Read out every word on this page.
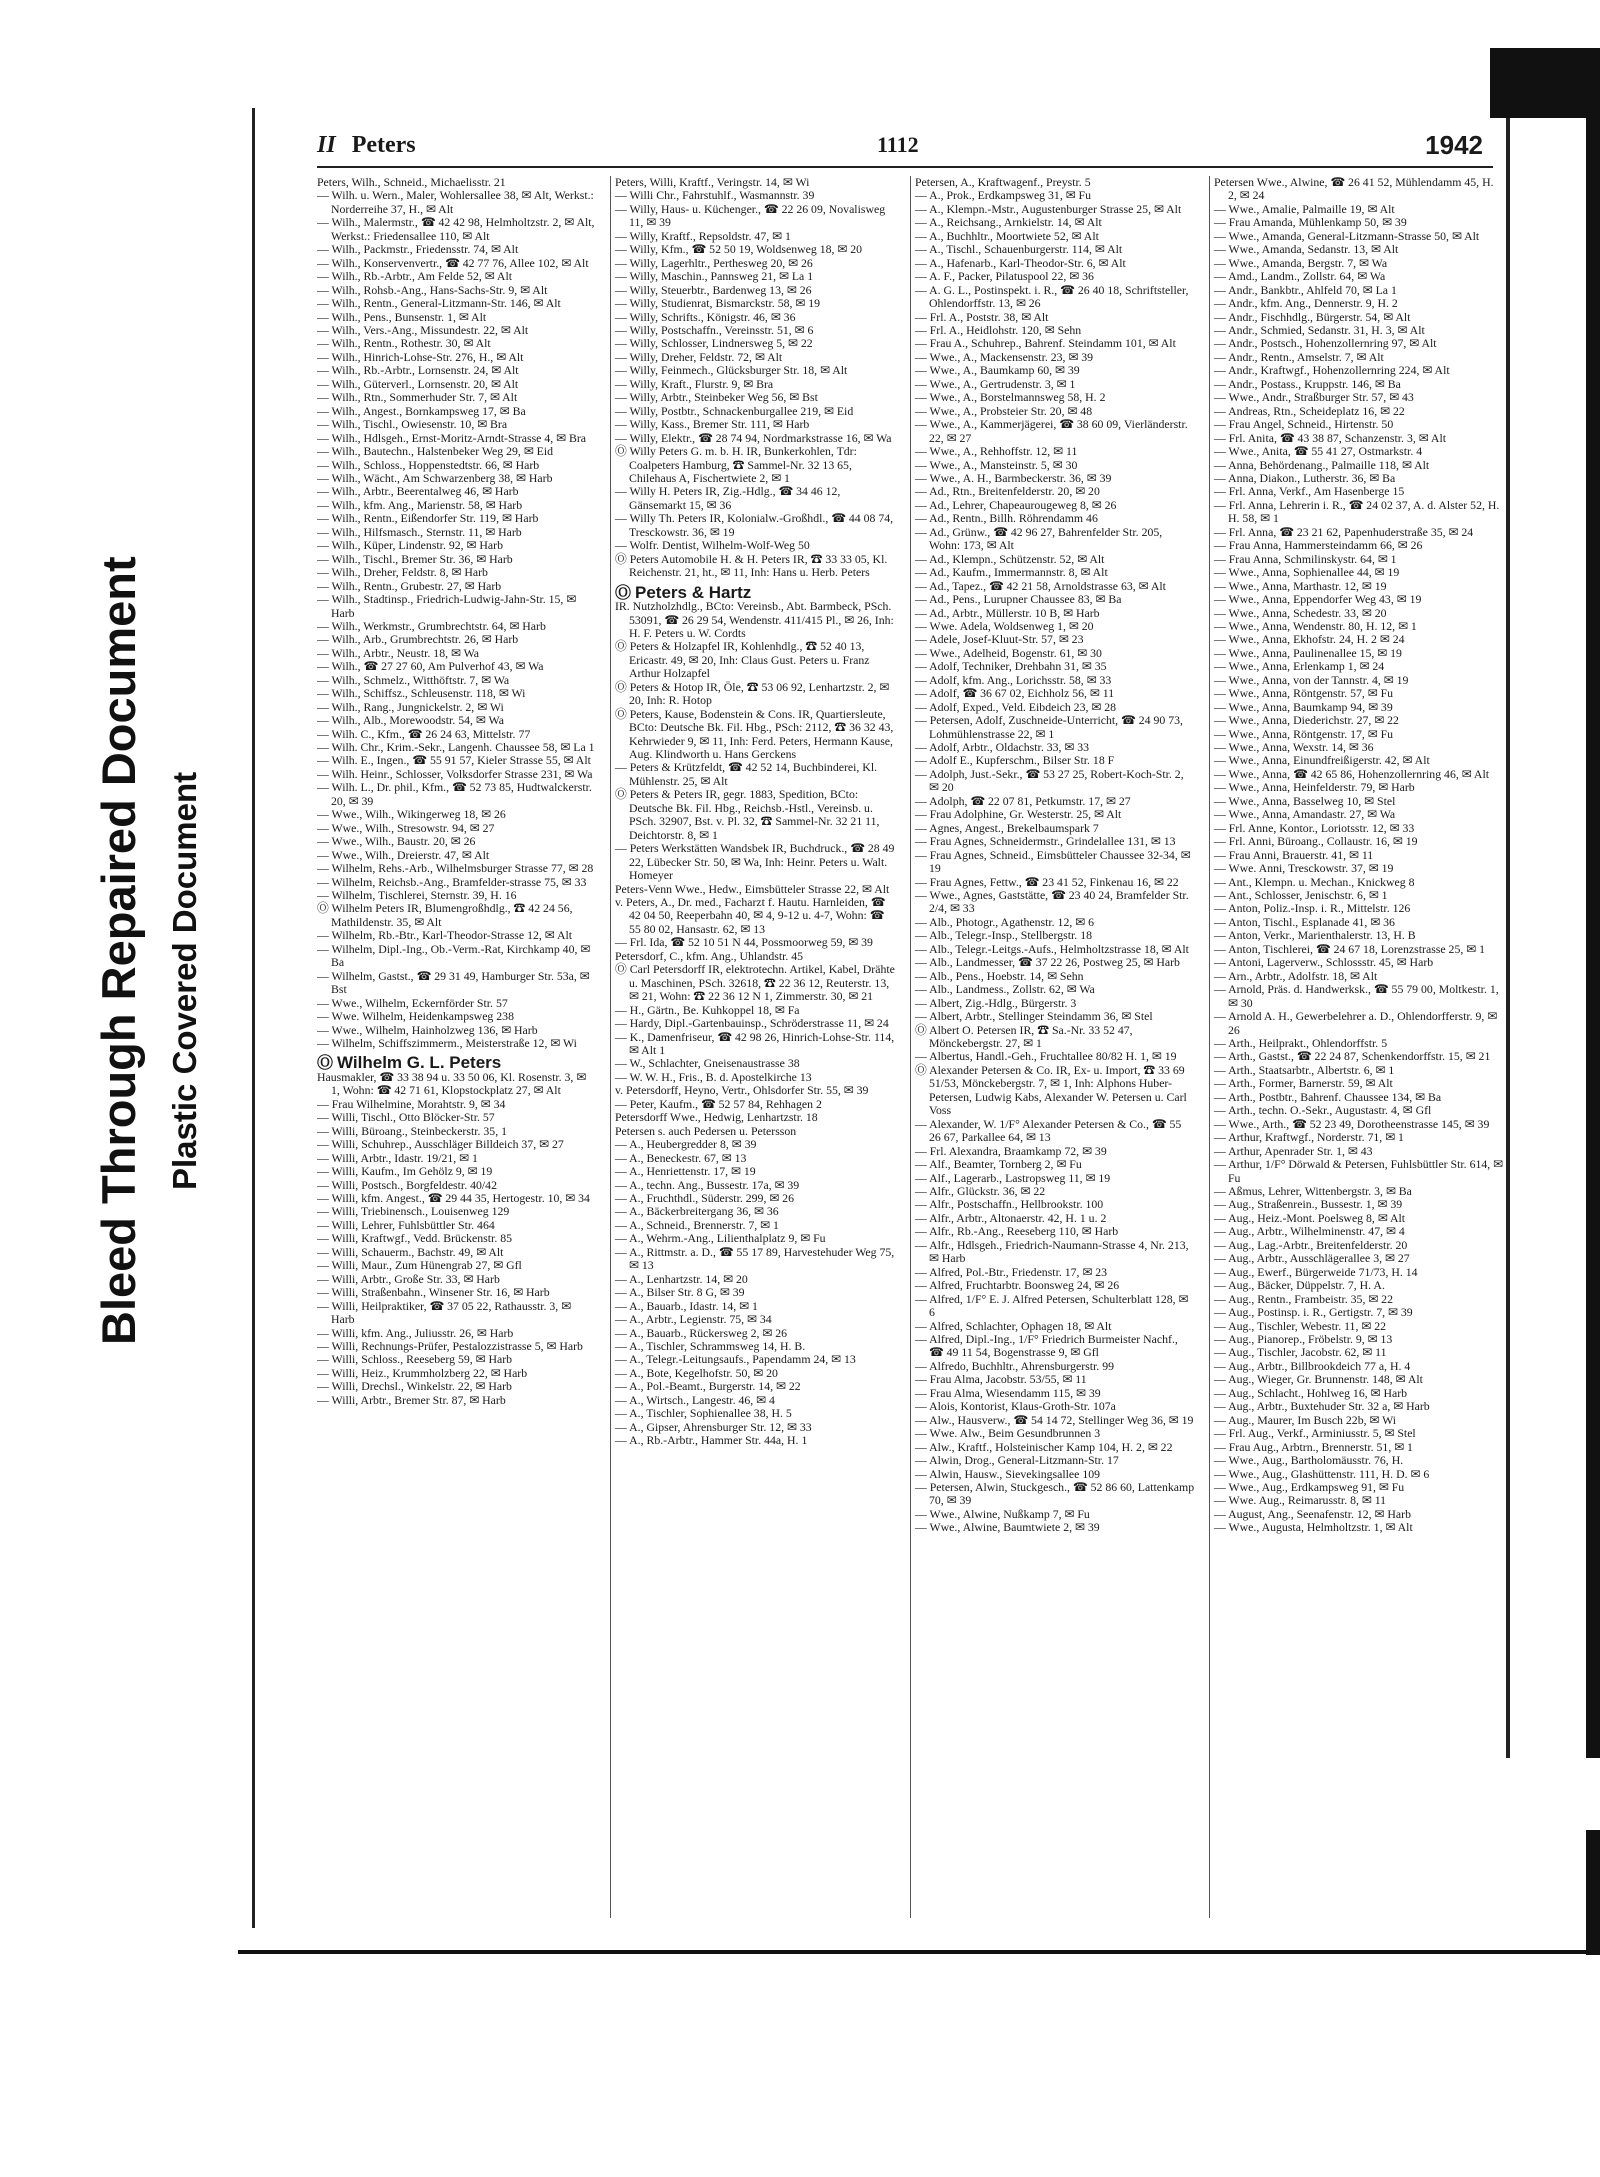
Bleed Through Repaired Document Plastic Covered Document
II Peters	1112	1942
Peters, Wilh., Schneid., Michaelisstr. 21
— Wilh. u. Wern., Maler, Wohlersallee 38, ✉ Alt, Werkst.: Norderreihe 37, H., ✉ Alt
— Wilh., Malermstr., ☎ 42 42 98, Helmholtzstr. 2, ✉ Alt, Werkst.: Friedensallee 110, ✉ Alt
— Wilh., Packmstr., Friedensstr. 74, ✉ Alt
— Wilh., Konservenvertr., ☎ 42 77 76, Allee 102, ✉ Alt
— Wilh., Rb.-Arbtr., Am Felde 52, ✉ Alt
— Wilh., Rohsb.-Ang., Hans-Sachs-Str. 9, ✉ Alt
— Wilh., Rentn., General-Litzmann-Str. 146, ✉ Alt
— Wilh., Pens., Bunsenstr. 1, ✉ Alt
— Wilh., Vers.-Ang., Missundestr. 22, ✉ Alt
— Wilh., Rentn., Rothestr. 30, ✉ Alt
— Wilh., Hinrich-Lohse-Str. 276, H., ✉ Alt
— Wilh., Rb.-Arbtr., Lornsenstr. 24, ✉ Alt
— Wilh., Güterverl., Lornsenstr. 20, ✉ Alt
— Wilh., Rtn., Sommerhuder Str. 7, ✉ Alt
— Wilh., Angest., Bornkampsweg 17, ✉ Ba
— Wilh., Tischl., Owiesenstr. 10, ✉ Bra
— Wilh., Hdlsgeh., Ernst-Moritz-Arndt-Strasse 4, ✉ Bra
— Wilh., Bautechn., Halstenbeker Weg 29, ✉ Eid
— Wilh., Schloss., Hoppenstedtstr. 66, ✉ Harb
— Wilh., Wächt., Am Schwarzenberg 38, ✉ Harb
— Wilh., Arbtr., Beerentalweg 46, ✉ Harb
— Wilh., kfm. Ang., Marienstr. 58, ✉ Harb
— Wilh., Rentn., Eißendorfer Str. 119, ✉ Harb
— Wilh., Hilfsmasch., Sternstr. 11, ✉ Harb
— Wilh., Küper, Lindenstr. 92, ✉ Harb
— Wilh., Tischl., Bremer Str. 36, ✉ Harb
— Wilh., Dreher, Feldstr. 8, ✉ Harb
— Wilh., Rentn., Grubestr. 27, ✉ Harb
— Wilh., Stadtinsp., Friedrich-Ludwig-Jahn-Str. 15, ✉ Harb
— Wilh., Werkmstr., Grumbrechtstr. 64, ✉ Harb
— Wilh., Arb., Grumbrechtstr. 26, ✉ Harb
— Wilh., Arbtr., Neustr. 18, ✉ Wa
— Wilh., ☎ 27 27 60, Am Pulverhof 43, ✉ Wa
— Wilh., Schmelz., Witthöftstr. 7, ✉ Wa
— Wilh., Schiffsz., Schleusenstr. 118, ✉ Wi
— Wilh., Rang., Jungnickelstr. 2, ✉ Wi
— Wilh., Alb., Morewoodstr. 54, ✉ Wa
— Wilh. C., Kfm., ☎ 26 24 63, Mittelstr. 77
— Wilh. Chr., Krim.-Sekr., Langenh. Chaussee 58, ✉ La 1
— Wilh. E., Ingen., ☎ 55 91 57, Kieler Strasse 55, ✉ Alt
— Wilh. Heinr., Schlosser, Volksdorfer Strasse 231, ✉ Wa
— Wilh. L., Dr. phil., Kfm., ☎ 52 73 85, Hudtwalckerstr. 20, ✉ 39
— Wwe., Wilh., Wikingerweg 18, ✉ 26
— Wwe., Wilh., Stresowstr. 94, ✉ 27
— Wwe., Wilh., Baustr. 20, ✉ 26
— Wwe., Wilh., Dreierstr. 47, ✉ Alt
— Wilhelm, Rehs.-Arb., Wilhelmsburger Strasse 77, ✉ 28
— Wilhelm, Reichsb.-Ang., Bramfelder-strasse 75, ✉ 33
— Wilhelm, Tischlerei, Sternstr. 39, H. 16
Ⓞ Wilhelm Peters IR, Blumengroßhdlg., ☎ 42 24 56, Mathildenstr. 35, ✉ Alt
— Wilhelm, Rb.-Btr., Karl-Theodor-Strasse 12, ✉ Alt
— Wilhelm, Dipl.-Ing., Ob.-Verm.-Rat, Kirchkamp 40, ✉ Ba
— Wilhelm, Gastst., ☎ 29 31 49, Hamburger Str. 53a, ✉ Bst
— Wwe., Wilhelm, Eckernförder Str. 57
— Wwe. Wilhelm, Heidenkampsweg 238
— Wwe., Wilhelm, Hainholzweg 136, ✉ Harb
— Wilhelm, Schiffszimmerm., Meisterstraße 12, ✉ Wi
Ⓞ Wilhelm G. L. Peters
Hausmakler, ☎ 33 38 94 u. 33 50 06, Kl. Rosenstr. 3, ✉ 1, Wohn: ☎ 42 71 61, Klopstockplatz 27, ✉ Alt
— Frau Wilhelmine, Morahtstr. 9, ✉ 34
— Willi, Tischl., Otto Blöcker-Str. 57
— Willi, Büroang., Steinbeckerstr. 35, 1
— Willi, Schuhrep., Ausschläger Billdeich 37, ✉ 27
— Willi, Arbtr., Idastr. 19/21, ✉ 1
— Willi, Kaufm., Im Gehölz 9, ✉ 19
— Willi, Postsch., Borgfeldestr. 40/42
— Willi, kfm. Angest., ☎ 29 44 35, Hertogestr. 10, ✉ 34
— Willi, Triebinensch., Louisenweg 129
— Willi, Lehrer, Fuhlsbüttler Str. 464
— Willi, Kraftwgf., Vedd. Brückenstr. 85
— Willi, Schauerm., Bachstr. 49, ✉ Alt
— Willi, Maur., Zum Hünengrab 27, ✉ Gfl
— Willi, Arbtr., Große Str. 33, ✉ Harb
— Willi, Straßenbahn., Winsener Str. 16, ✉ Harb
— Willi, Heilpraktiker, ☎ 37 05 22, Rathausstr. 3, ✉ Harb
— Willi, kfm. Ang., Juliusstr. 26, ✉ Harb
— Willi, Rechnungs-Prüfer, Pestalozzistrasse 5, ✉ Harb
— Willi, Schloss., Reeseberg 59, ✉ Harb
— Willi, Heiz., Krummholzberg 22, ✉ Harb
— Willi, Drechsl., Winkelstr. 22, ✉ Harb
— Willi, Arbtr., Bremer Str. 87, ✉ Harb
Peters, Willi, Kraftf., Veringstr. 14, ✉ Wi
— Willi Chr., Fahrstuhlf., Wasmannstr. 39
— Willy, Haus- u. Küchenger., ☎ 22 26 09, Novalisweg 11, ✉ 39
— Willy, Kraftf., Repsoldstr. 47, ✉ 1
— Willy, Kfm., ☎ 52 50 19, Woldsenweg 18, ✉ 20
— Willy, Lagerhltr., Perthesweg 20, ✉ 26
— Willy, Maschin., Pannsweg 21, ✉ La 1
— Willy, Steuerbtr., Bardenweg 13, ✉ 26
— Willy, Studienrat, Bismarckstr. 58, ✉ 19
— Willy, Schrifts., Königstr. 46, ✉ 36
— Willy, Postschaffn., Vereinsstr. 51, ✉ 6
— Willy, Schlosser, Lindnersweg 5, ✉ 22
— Willy, Dreher, Feldstr. 72, ✉ Alt
— Willy, Feinmech., Glücksburger Str. 18, ✉ Alt
— Willy, Kraft., Flurstr. 9, ✉ Bra
— Willy, Arbtr., Steinbeker Weg 56, ✉ Bst
— Willy, Postbtr., Schnackenburgallee 219, ✉ Eid
— Willy, Kass., Bremer Str. 111, ✉ Harb
— Willy, Elektr., ☎ 28 74 94, Nordmarkstrasse 16, ✉ Wa
Ⓞ Willy Peters G. m. b. H. IR, Bunkerkohlen, Tdr: Coalpeters Hamburg, ☎ Sammel-Nr. 32 13 65, Chilehaus A, Fischertwiete 2, ✉ 1
— Willy H. Peters IR, Zig.-Hdlg., ☎ 34 46 12, Gänsemarkt 15, ✉ 36
— Willy Th. Peters IR, Kolonialw.-Großhdl., ☎ 44 08 74, Tresckowstr. 36, ✉ 19
— Wolfr. Dentist, Wilhelm-Wolf-Weg 50
Ⓞ Peters Automobile H. & H. Peters IR, ☎ 33 33 05, Kl. Reichenstr. 21, ht., ✉ 11, Inh: Hans u. Herb. Peters
Ⓞ Peters & Hartz
IR. Nutzholzhdlg., BCto: Vereinsb., Abt. Barmbeck, PSch. 53091, ☎ 26 29 54, Wendenstr. 411/415 Pl., ✉ 26, Inh: H. F. Peters u. W. Cordts
Ⓞ Peters & Holzapfel IR, Kohlenhdlg., ☎ 52 40 13, Ericastr. 49, ✉ 20, Inh: Claus Gust. Peters u. Franz Arthur Holzapfel
Ⓞ Peters & Hotop IR, Öle, ☎ 53 06 92, Lenhartzstr. 2, ✉ 20, Inh: R. Hotop
Ⓞ Peters, Kause, Bodenstein & Cons. IR, Quartiersleute, BCto: Deutsche Bk. Fil. Hbg., PSch: 2112, ☎ 36 32 43, Kehrwieder 9, ✉ 11, Inh: Ferd. Peters, Hermann Kause, Aug. Klindworth u. Hans Gerckens
— Peters & Krützfeldt, ☎ 42 52 14, Buchbinderei, Kl. Mühlenstr. 25, ✉ Alt
Ⓞ Peters & Peters IR, gegr. 1883, Spedition, BCto: Deutsche Bk. Fil. Hbg., Reichsb.-Hstl., Vereinsb. u. PSch. 32907, Bst. v. Pl. 32, ☎ Sammel-Nr. 32 21 11, Deichtorstr. 8, ✉ 1
— Peters Werkstätten Wandsbek IR, Buchdruck., ☎ 28 49 22, Lübecker Str. 50, ✉ Wa, Inh: Heinr. Peters u. Walt. Homeyer
Peters-Venn Wwe., Hedw., Eimsbütteler Strasse 22, ✉ Alt
v. Peters, A., Dr. med., Facharzt f. Hautu. Harnleiden, ☎ 42 04 50, Reeperbahn 40, ✉ 4, 9-12 u. 4-7, Wohn: ☎ 55 80 02, Hansastr. 62, ✉ 13
— Frl. Ida, ☎ 52 10 51 N 44, Possmoorweg 59, ✉ 39
Petersdorf, C., kfm. Ang., Uhlandstr. 45
Ⓞ Carl Petersdorff IR, elektrotechn. Artikel, Kabel, Drähte u. Maschinen, PSch. 32618, ☎ 22 36 12, Reuterstr. 13, ✉ 21, Wohn: ☎ 22 36 12 N 1, Zimmerstr. 30, ✉ 21
— H., Gärtn., Be. Kuhkoppel 18, ✉ Fa
— Hardy, Dipl.-Gartenbauinsp., Schröderstrasse 11, ✉ 24
— K., Damenfriseur, ☎ 42 98 26, Hinrich-Lohse-Str. 114, ✉ Alt 1
— W., Schlachter, Gneisenaustrasse 38
— W. W. H., Fris., B. d. Apostelkirche 13
v. Petersdorff, Heyno, Vertr., Ohlsdorfer Str. 55, ✉ 39
— Peter, Kaufm., ☎ 52 57 84, Rehhagen 2
Petersdorff Wwe., Hedwig, Lenhartzstr. 18
Petersen s. auch Pedersen u. Petersson
— A., Heubergredder 8, ✉ 39
— A., Beneckestr. 67, ✉ 13
— A., Henriettenstr. 17, ✉ 19
— A., techn. Ang., Bussestr. 17a, ✉ 39
— A., Fruchthdl., Süderstr. 299, ✉ 26
— A., Bäckerbreitergang 36, ✉ 36
— A., Schneid., Brennerstr. 7, ✉ 1
— A., Wehrm.-Ang., Lilienthalplatz 9, ✉ Fu
— A., Rittmstr. a. D., ☎ 55 17 89, Harvestehuder Weg 75, ✉ 13
— A., Lenhartzstr. 14, ✉ 20
— A., Bilser Str. 8 G, ✉ 39
— A., Bauarb., Idastr. 14, ✉ 1
— A., Arbtr., Legienstr. 75, ✉ 34
— A., Bauarb., Rückersweg 2, ✉ 26
— A., Tischler, Schrammsweg 14, H. B.
— A., Telegr.-Leitungsaufs., Papendamm 24, ✉ 13
— A., Bote, Kegelhofstr. 50, ✉ 20
— A., Pol.-Beamt., Burgerstr. 14, ✉ 22
— A., Wirtsch., Langestr. 46, ✉ 4
— A., Tischler, Sophienallee 38, H. 5
— A., Gipser, Ahrensburger Str. 12, ✉ 33
— A., Rb.-Arbtr., Hammer Str. 44a, H. 1
Petersen, A., Kraftwagenf., Preystr. 5
— A., Prok., Erdkampsweg 31, ✉ Fu
— A., Klempn.-Mstr., Augustenburger Strasse 25, ✉ Alt
— A., Reichsang., Arnkielstr. 14, ✉ Alt
— A., Buchhltr., Moortwiete 52, ✉ Alt
— A., Tischl., Schauenburgerstr. 114, ✉ Alt
— A., Hafenarb., Karl-Theodor-Str. 6, ✉ Alt
— A. F., Packer, Pilatuspool 22, ✉ 36
— A. G. L., Postinspekt. i. R., ☎ 26 40 18, Schriftsteller, Ohlendorffstr. 13, ✉ 26
— Frl. A., Poststr. 38, ✉ Alt
— Frl. A., Heidlohstr. 120, ✉ Sehn
— Frau A., Schuhrep., Bahrenf. Steindamm 101, ✉ Alt
— Wwe., A., Mackensenstr. 23, ✉ 39
— Wwe., A., Baumkamp 60, ✉ 39
— Wwe., A., Gertrudenstr. 3, ✉ 1
— Wwe., A., Borstelmannsweg 58, H. 2
— Wwe., A., Probsteier Str. 20, ✉ 48
— Wwe., A., Kammerjägerei, ☎ 38 60 09, Vierländerstr. 22, ✉ 27
— Wwe., A., Rehhoffstr. 12, ✉ 11
— Wwe., A., Mansteinstr. 5, ✉ 30
— Wwe., A. H., Barmbeckerstr. 36, ✉ 39
— Ad., Rtn., Breitenfelderstr. 20, ✉ 20
— Ad., Lehrer, Chapeaurougeweg 8, ✉ 26
— Ad., Rentn., Billh. Röhrendamm 46
— Ad., Grünw., ☎ 42 96 27, Bahrenfelder Str. 205, Wohn: 173, ✉ Alt
— Ad., Klempn., Schützenstr. 52, ✉ Alt
— Ad., Kaufm., Immermannstr. 8, ✉ Alt
— Ad., Tapez., ☎ 42 21 58, Arnoldstrasse 63, ✉ Alt
— Ad., Pens., Lurupner Chaussee 83, ✉ Ba
— Ad., Arbtr., Müllerstr. 10 B, ✉ Harb
— Wwe. Adela, Woldsenweg 1, ✉ 20
— Adele, Josef-Kluut-Str. 57, ✉ 23
— Wwe., Adelheid, Bogenstr. 61, ✉ 30
— Adolf, Techniker, Drehbahn 31, ✉ 35
— Adolf, kfm. Ang., Lorichsstr. 58, ✉ 33
— Adolf, ☎ 36 67 02, Eichholz 56, ✉ 11
— Adolf, Exped., Veld. Eibdeich 23, ✉ 28
— Petersen, Adolf, Zuschneide-Unterricht, ☎ 24 90 73, Lohmühlenstrasse 22, ✉ 1
— Adolf, Arbtr., Oldachstr. 33, ✉ 33
— Adolf E., Kupferschm., Bilser Str. 18 F
— Adolph, Just.-Sekr., ☎ 53 27 25, Robert-Koch-Str. 2, ✉ 20
— Adolph, ☎ 22 07 81, Petkumstr. 17, ✉ 27
— Frau Adolphine, Gr. Westerstr. 25, ✉ Alt
— Agnes, Angest., Brekelbaumspark 7
— Frau Agnes, Schneidermstr., Grindelallee 131, ✉ 13
— Frau Agnes, Schneid., Eimsbütteler Chaussee 32-34, ✉ 19
— Frau Agnes, Fettw., ☎ 23 41 52, Finkenau 16, ✉ 22
— Wwe., Agnes, Gaststätte, ☎ 23 40 24, Bramfelder Str. 2/4, ✉ 33
— Alb., Photogr., Agathenstr. 12, ✉ 6
— Alb., Telegr.-Insp., Stellbergstr. 18
— Alb., Telegr.-Leitgs.-Aufs., Helmholtzstrasse 18, ✉ Alt
— Alb., Landmesser, ☎ 37 22 26, Postweg 25, ✉ Harb
— Alb., Pens., Hoebstr. 14, ✉ Sehn
— Alb., Landmess., Zollstr. 62, ✉ Wa
— Albert, Zig.-Hdlg., Bürgerstr. 3
— Albert, Arbtr., Stellinger Steindamm 36, ✉ Stel
Ⓞ Albert O. Petersen IR, ☎ Sa.-Nr. 33 52 47, Mönckebergstr. 27, ✉ 1
— Albertus, Handl.-Geh., Fruchtallee 80/82 H. 1, ✉ 19
Ⓞ Alexander Petersen & Co. IR, Ex- u. Import, ☎ 33 69 51/53, Mönckebergstr. 7, ✉ 1, Inh: Alphons Huber-Petersen, Ludwig Kabs, Alexander W. Petersen u. Carl Voss
— Alexander, W. 1/F° Alexander Petersen & Co., ☎ 55 26 67, Parkallee 64, ✉ 13
— Frl. Alexandra, Braamkamp 72, ✉ 39
— Alf., Beamter, Tornberg 2, ✉ Fu
— Alf., Lagerarb., Lastropsweg 11, ✉ 19
— Alfr., Glückstr. 36, ✉ 22
— Alfr., Postschaffn., Hellbrookstr. 100
— Alfr., Arbtr., Altonaerstr. 42, H. 1 u. 2
— Alfr., Rb.-Ang., Reeseberg 110, ✉ Harb
— Alfr., Hdlsgeh., Friedrich-Naumann-Strasse 4, Nr. 213, ✉ Harb
— Alfred, Pol.-Btr., Friedenstr. 17, ✉ 23
— Alfred, Fruchtarbtr. Boonsweg 24, ✉ 26
— Alfred, 1/F° E. J. Alfred Petersen, Schulterblatt 128, ✉ 6
— Alfred, Schlachter, Ophagen 18, ✉ Alt
— Alfred, Dipl.-Ing., 1/F° Friedrich Burmeister Nachf., ☎ 49 11 54, Bogenstrasse 9, ✉ Gfl
— Alfredo, Buchhltr., Ahrensburgerstr. 99
— Frau Alma, Jacobstr. 53/55, ✉ 11
— Frau Alma, Wiesendamm 115, ✉ 39
— Alois, Kontorist, Klaus-Groth-Str. 107a
— Alw., Hausverw., ☎ 54 14 72, Stellinger Weg 36, ✉ 19
— Wwe. Alw., Beim Gesundbrunnen 3
— Alw., Kraftf., Holsteinischer Kamp 104, H. 2, ✉ 22
— Alwin, Drog., General-Litzmann-Str. 17
— Alwin, Hausw., Sievekingsallee 109
— Petersen, Alwin, Stuckgesch., ☎ 52 86 60, Lattenkamp 70, ✉ 39
— Wwe., Alwine, Nußkamp 7, ✉ Fu
— Wwe., Alwine, Baumtwiete 2, ✉ 39
Petersen Wwe., Alwine, ☎ 26 41 52, Mühlendamm 45, H. 2, ✉ 24
— Wwe., Amalie, Palmaille 19, ✉ Alt
— Frau Amanda, Mühlenkamp 50, ✉ 39
— Wwe., Amanda, General-Litzmann-Strasse 50, ✉ Alt
— Wwe., Amanda, Sedanstr. 13, ✉ Alt
— Wwe., Amanda, Bergstr. 7, ✉ Wa
— Amd., Landm., Zollstr. 64, ✉ Wa
— Andr., Bankbtr., Ahlfeld 70, ✉ La 1
— Andr., kfm. Ang., Dennerstr. 9, H. 2
— Andr., Fischhdlg., Bürgerstr. 54, ✉ Alt
— Andr., Schmied, Sedanstr. 31, H. 3, ✉ Alt
— Andr., Postsch., Hohenzollernring 97, ✉ Alt
— Andr., Rentn., Amselstr. 7, ✉ Alt
— Andr., Kraftwgf., Hohenzollernring 224, ✉ Alt
— Andr., Postass., Kruppstr. 146, ✉ Ba
— Wwe., Andr., Straßburger Str. 57, ✉ 43
— Andreas, Rtn., Scheideplatz 16, ✉ 22
— Frau Angel, Schneid., Hirtenstr. 50
— Frl. Anita, ☎ 43 38 87, Schanzenstr. 3, ✉ Alt
— Wwe., Anita, ☎ 55 41 27, Ostmarkstr. 4
— Anna, Behördenang., Palmaille 118, ✉ Alt
— Anna, Diakon., Lutherstr. 36, ✉ Ba
— Frl. Anna, Verkf., Am Hasenberge 15
— Frl. Anna, Lehrerin i. R., ☎ 24 02 37, A. d. Alster 52, H. H. 58, ✉ 1
— Frl. Anna, ☎ 23 21 62, Papenhuderstraße 35, ✉ 24
— Frau Anna, Hammersteindamm 66, ✉ 26
— Frau Anna, Schmilinskystr. 64, ✉ 1
— Wwe., Anna, Sophienallee 44, ✉ 19
— Wwe., Anna, Marthastr. 12, ✉ 19
— Wwe., Anna, Eppendorfer Weg 43, ✉ 19
— Wwe., Anna, Schedestr. 33, ✉ 20
— Wwe., Anna, Wendenstr. 80, H. 12, ✉ 1
— Wwe., Anna, Ekhofstr. 24, H. 2 ✉ 24
— Wwe., Anna, Paulinenallee 15, ✉ 19
— Wwe., Anna, Erlenkamp 1, ✉ 24
— Wwe., Anna, von der Tannstr. 4, ✉ 19
— Wwe., Anna, Röntgenstr. 57, ✉ Fu
— Wwe., Anna, Baumkamp 94, ✉ 39
— Wwe., Anna, Diederichstr. 27, ✉ 22
— Wwe., Anna, Röntgenstr. 17, ✉ Fu
— Wwe., Anna, Wexstr. 14, ✉ 36
— Wwe., Anna, Einundfreißigerstr. 42, ✉ Alt
— Wwe., Anna, ☎ 42 65 86, Hohenzollernring 46, ✉ Alt
— Wwe., Anna, Heinfelderstr. 79, ✉ Harb
— Wwe., Anna, Basselweg 10, ✉ Stel
— Wwe., Anna, Amandastr. 27, ✉ Wa
— Frl. Anne, Kontor., Loriotsstr. 12, ✉ 33
— Frl. Anni, Büroang., Collaustr. 16, ✉ 19
— Frau Anni, Brauerstr. 41, ✉ 11
— Wwe. Anni, Tresckowstr. 37, ✉ 19
— Ant., Klempn. u. Mechan., Knickweg 8
— Ant., Schlosser, Jenischstr. 6, ✉ 1
— Anton, Poliz.-Insp. i. R., Mittelstr. 126
— Anton, Tischl., Esplanade 41, ✉ 36
— Anton, Verkr., Marienthalerstr. 13, H. B
— Anton, Tischlerei, ☎ 24 67 18, Lorenzstrasse 25, ✉ 1
— Antoni, Lagerverw., Schlossstr. 45, ✉ Harb
— Arn., Arbtr., Adolfstr. 18, ✉ Alt
— Arnold, Präs. d. Handwerksk., ☎ 55 79 00, Moltkestr. 1, ✉ 30
— Arnold A. H., Gewerbelehrer a. D., Ohlendorfferstr. 9, ✉ 26
— Arth., Heilprakt., Ohlendorffstr. 5
— Arth., Gastst., ☎ 22 24 87, Schenkendorffstr. 15, ✉ 21
— Arth., Staatsarbtr., Albertstr. 6, ✉ 1
— Arth., Former, Barnerstr. 59, ✉ Alt
— Arth., Postbtr., Bahrenf. Chaussee 134, ✉ Ba
— Arth., techn. O.-Sekr., Augustastr. 4, ✉ Gfl
— Wwe., Arth., ☎ 52 23 49, Dorotheenstrasse 145, ✉ 39
— Arthur, Kraftwgf., Norderstr. 71, ✉ 1
— Arthur, Apenrader Str. 1, ✉ 43
— Arthur, 1/F° Dörwald & Petersen, Fuhlsbüttler Str. 614, ✉ Fu
— Aßmus, Lehrer, Wittenbergstr. 3, ✉ Ba
— Aug., Straßenrein., Bussestr. 1, ✉ 39
— Aug., Heiz.-Mont. Poelsweg 8, ✉ Alt
— Aug., Arbtr., Wilhelminenstr. 47, ✉ 4
— Aug., Lag.-Arbtr., Breitenfelderstr. 20
— Aug., Arbtr., Ausschlägerallee 3, ✉ 27
— Aug., Ewerf., Bürgerweide 71/73, H. 14
— Aug., Bäcker, Düppelstr. 7, H. A.
— Aug., Rentn., Frambeistr. 35, ✉ 22
— Aug., Postinsp. i. R., Gertigstr. 7, ✉ 39
— Aug., Tischler, Webestr. 11, ✉ 22
— Aug., Pianorep., Fröbelstr. 9, ✉ 13
— Aug., Tischler, Jacobstr. 62, ✉ 11
— Aug., Arbtr., Billbrookdeich 77 a, H. 4
— Aug., Wieger, Gr. Brunnenstr. 148, ✉ Alt
— Aug., Schlacht., Hohlweg 16, ✉ Harb
— Aug., Arbtr., Buxtehuder Str. 32 a, ✉ Harb
— Aug., Maurer, Im Busch 22b, ✉ Wi
— Frl. Aug., Verkf., Arminiusstr. 5, ✉ Stel
— Frau Aug., Arbtrn., Brennerstr. 51, ✉ 1
— Wwe., Aug., Bartholomäusstr. 76, H.
— Wwe., Aug., Glashüttenstr. 111, H. D. ✉ 6
— Wwe., Aug., Erdkampsweg 91, ✉ Fu
— Wwe. Aug., Reimarusstr. 8, ✉ 11
— August, Ang., Seenafenstr. 12, ✉ Harb
— Wwe., Augusta, Helmholtzstr. 1, ✉ Alt
